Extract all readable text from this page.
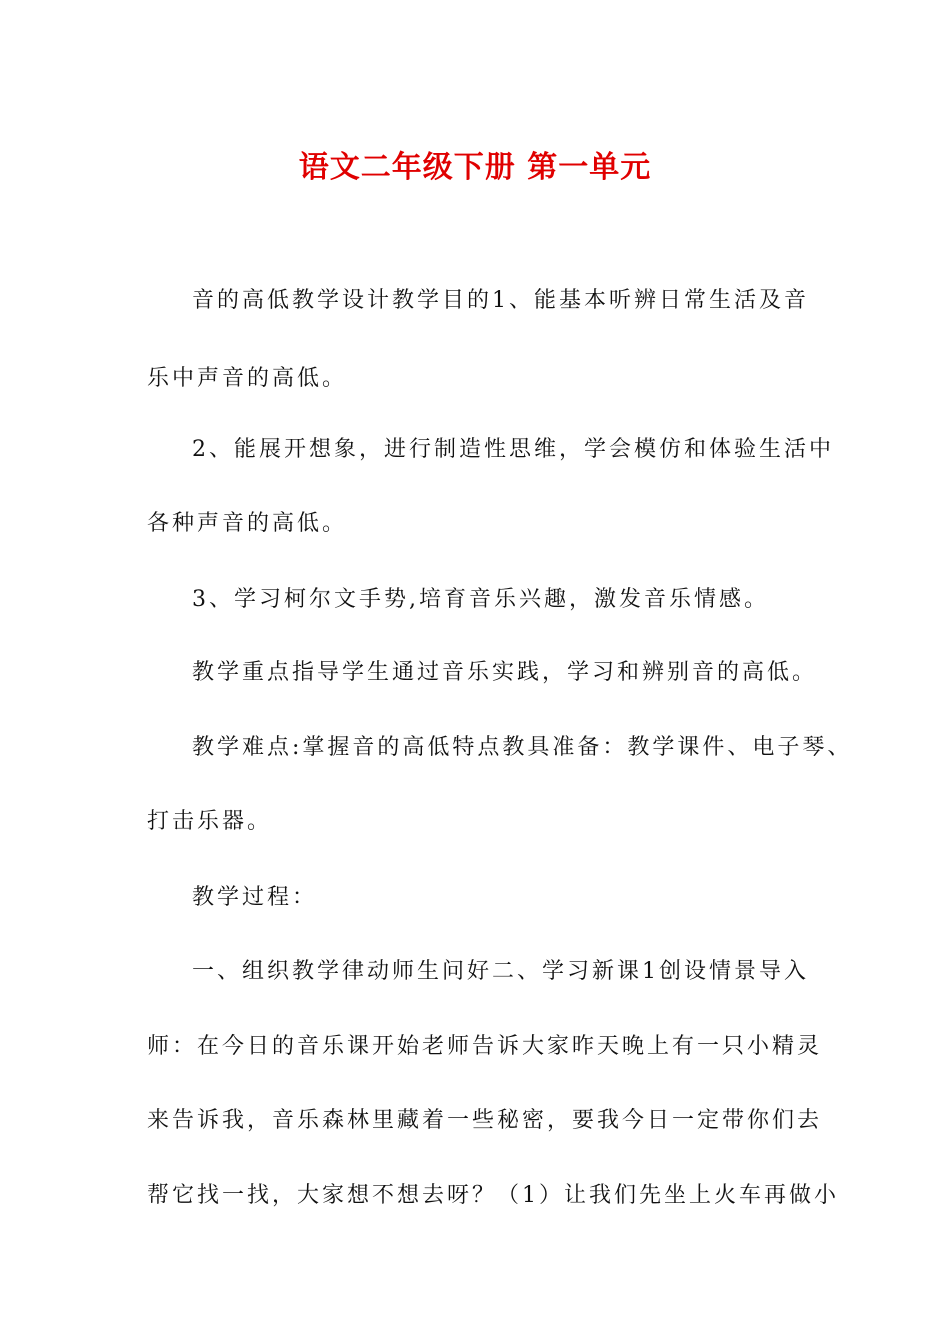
语文二年级下册 第一单元
音的高低教学设计教学目的1、能基本听辨日常生活及音
乐中声音的高低。
2、能展开想象，进行制造性思维，学会模仿和体验生活中
各种声音的高低。
3、学习柯尔文手势,培育音乐兴趣，激发音乐情感。
教学重点指导学生通过音乐实践，学习和辨别音的高低。
教学难点:掌握音的高低特点教具准备：教学课件、电子琴、
打击乐器。
教学过程：
一、组织教学律动师生问好二、学习新课1创设情景导入
师：在今日的音乐课开始老师告诉大家昨天晚上有一只小精灵
来告诉我，音乐森林里藏着一些秘密，要我今日一定带你们去
帮它找一找，大家想不想去呀？（1）让我们先坐上火车再做小
